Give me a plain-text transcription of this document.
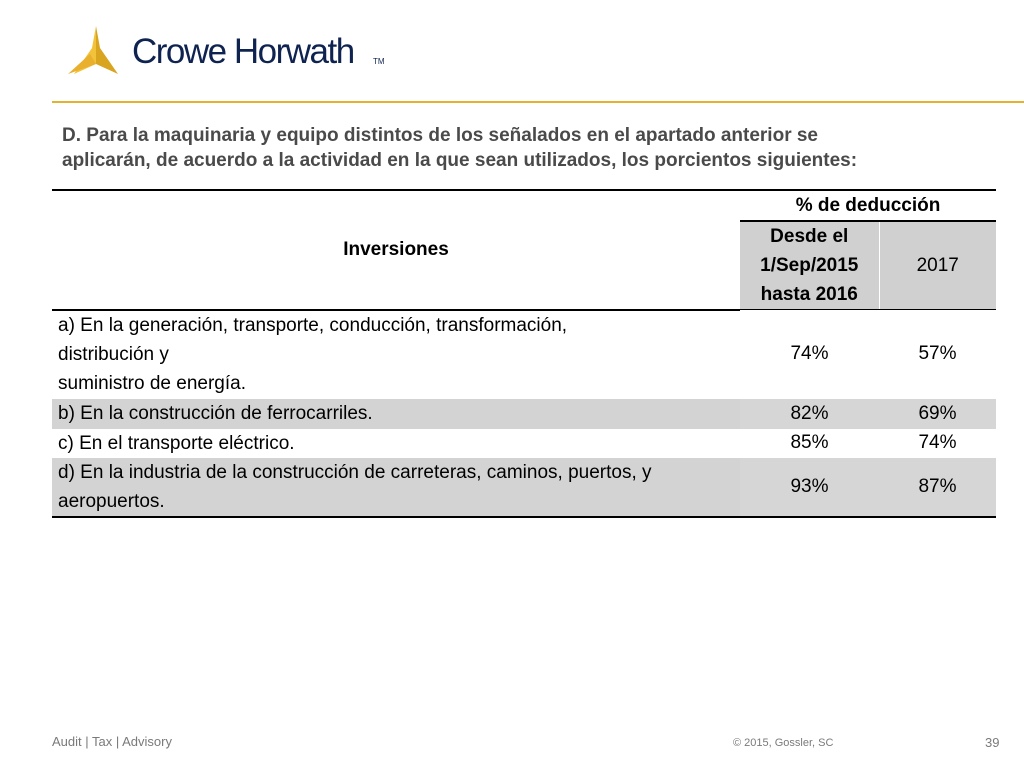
Crowe Horwath TM
D. Para la maquinaria y equipo distintos de los señalados en el apartado anterior se
aplicarán, de acuerdo a la actividad en la que sean utilizados, los porcientos siguientes:
Inversiones	% de deducción	
	Desde el
1/Sep/2015
hasta 2016	2017
a) En la generación, transporte, conducción, transformación,
distribución y
suministro de energía.	74%	57%
b) En la construcción de ferrocarriles.	82%	69%
c) En el transporte eléctrico.	85%	74%
d) En la industria de la construcción de carreteras, caminos, puertos, y
aeropuertos.	93%	87%
Audit | Tax | Advisory	© 2015, Gossler, SC	39
